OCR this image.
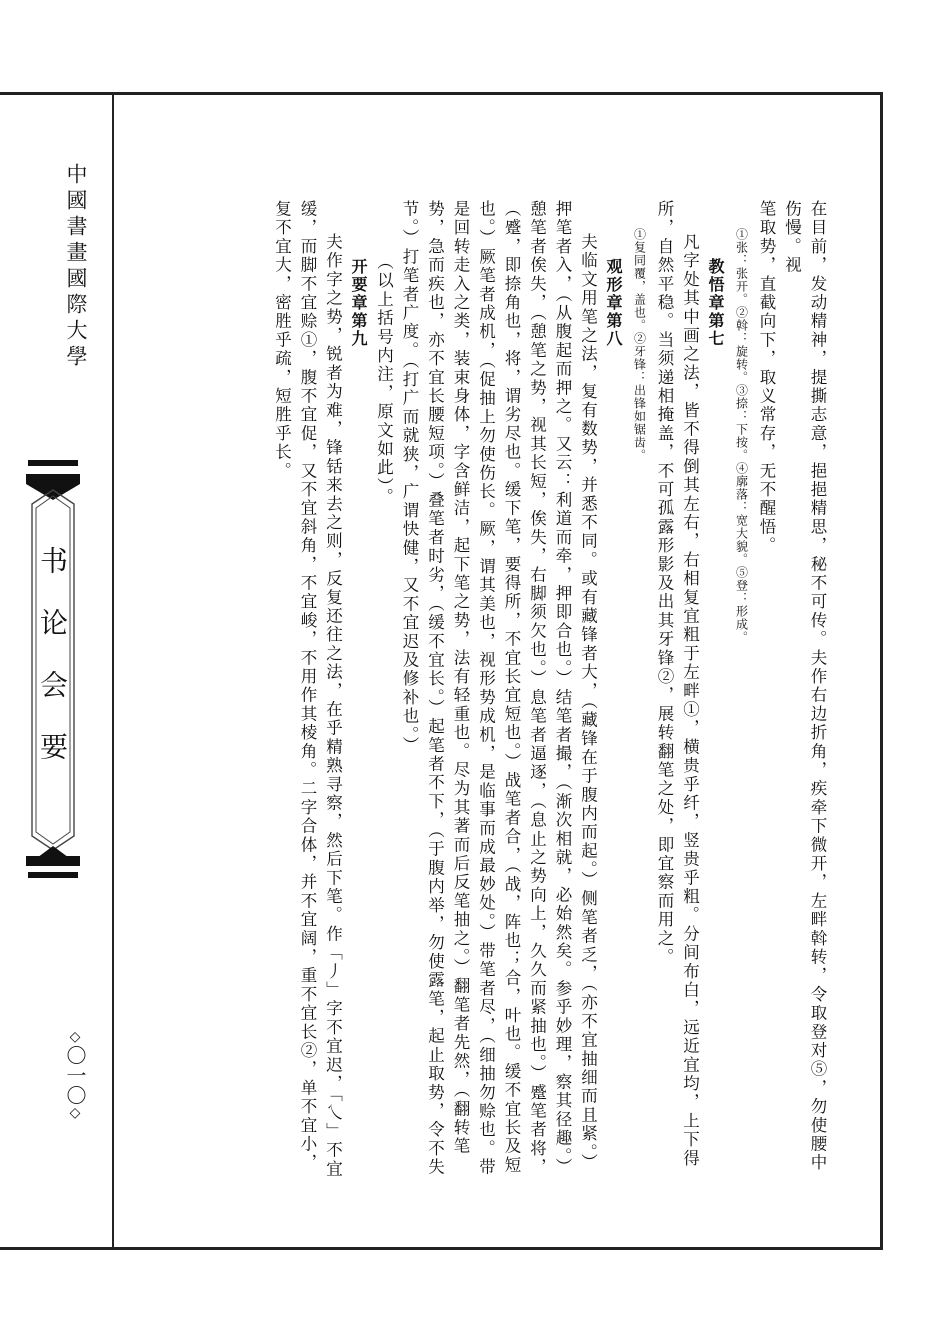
中國書畫國際大學
书论会要
◇〇一〇◇	在目前，发动精神，提撕志意，挹挹精思，秘不可传。夫作右边折角，疾牵下微开，左畔斡转，令取登对⑤，勿使腰中伤慢。视

笔取势，直截向下，取义常存，无不醒悟。

①张：张开。②斡：旋转。③捺：下按。④廓落：宽大貌。⑤登：形成。

教悟章第七

凡字处其中画之法，皆不得倒其左右，右相复宜粗于左畔①，横贵乎纤，竖贵乎粗。分间布白，远近宜均，上下得所，自然平稳。当须递相掩盖，不可孤露形影及出其牙锋②，展转翻笔之处，即宜察而用之。

①复同覆，盖也。②牙锋：出锋如锯齿。

观形章第八

夫临文用笔之法，复有数势，并悉不同。或有藏锋者大，（藏锋在于腹内而起。）侧笔者乏，（亦不宜抽细而且紧。）押笔者入，（从腹起而押之。又云：利道而牵，押即合也。）结笔者撮，（渐次相就，必始然矣。参乎妙理，察其径趣。）憩笔者俟失，（憩笔之势，视其长短，俟失，右脚须欠也。）息笔者逼逐，（息止之势向上，久久而紧抽也。）蹙笔者将，（蹙，即捺角也，将，谓劣尽也。缓下笔，要得所，不宜长宜短也。）战笔者合，（战，阵也；合，叶也。缓不宜长及短也。）厥笔者成机，（促抽上勿使伤长。厥，谓其美也，视形势成机，是临事而成最妙处。）带笔者尽，（细抽勿赊也。带是回转走入之类，装束身体，字含鲜洁，起下笔之势，法有轻重也。尽为其著而后反笔抽之。）翻笔者先然，（翻转笔势，急而疾也，亦不宜长腰短项。）叠笔者时劣，（缓不宜长。）起笔者不下，（于腹内举，勿使露笔，起止取势，令不失节。）打笔者广度。（打广而就狭，广谓快健，又不宜迟及修补也。）

（以上括号内注，原文如此）。

开要章第九

夫作字之势，锐者为难，锋铦来去之则，反复还往之法，在乎精熟寻察，然后下笔。作「丿」字不宜迟，「乀」不宜缓，而脚不宜赊①，腹不宜促，又不宜斜角，不宜峻，不用作其棱角。二字合体，并不宜阔，重不宜长②，单不宜小，复不宜大，密胜乎疏，短胜乎长。
